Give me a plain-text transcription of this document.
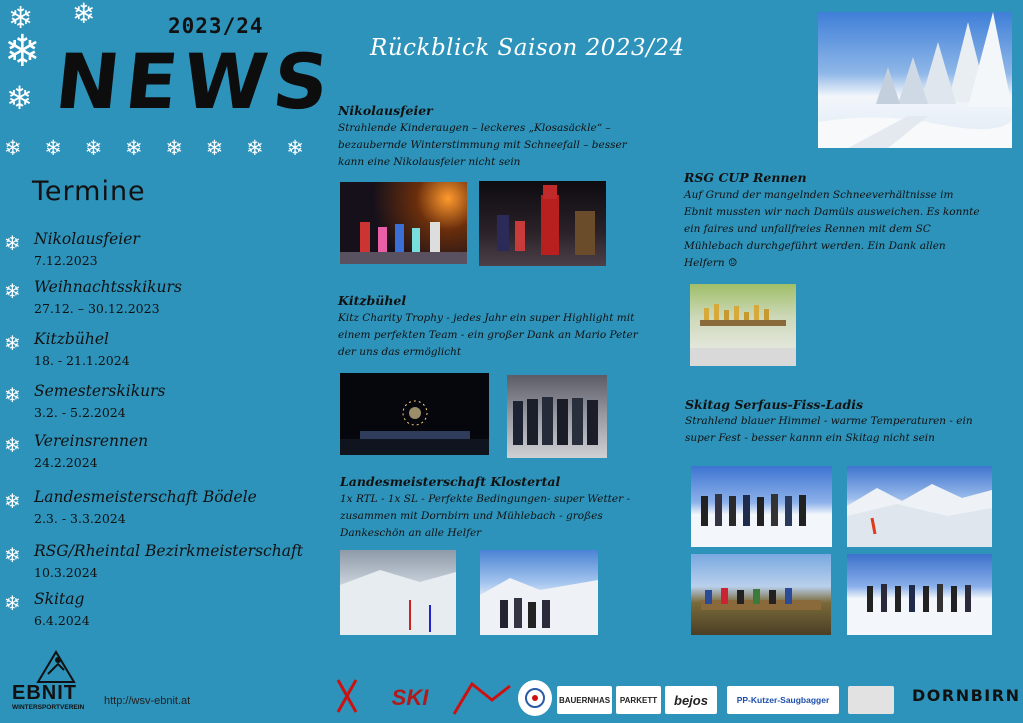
❄ ❄
❄
❄
2023/24
NEWS
❄ ❄ ❄ ❄ ❄ ❄ ❄ ❄
Termine
❄ Nikolausfeier
7.12.2023
❄ Weihnachtsskikurs
27.12. – 30.12.2023
❄ Kitzbühel
18. - 21.1.2024
❄ Semesterskikurs
3.2. - 5.2.2024
❄ Vereinsrennen
24.2.2024
❄ Landesmeisterschaft Bödele
2.3. - 3.3.2024
❄ RSG/Rheintal Bezirkmeisterschaft
10.3.2024
❄ Skitag
6.4.2024
Rückblick Saison 2023/24
Nikolausfeier
Strahlende Kinderaugen – leckeres „Klosasäckle“ – bezaubernde Winterstimmung mit Schneefall – besser kann eine Nikolausfeier nicht sein
Kitzbühel
Kitz Charity Trophy - jedes Jahr ein super Highlight mit einem perfekten Team - ein großer Dank an Mario Peter der uns das ermöglicht
Landesmeisterschaft Klostertal
1x RTL - 1x SL - Perfekte Bedingungen- super Wetter - zusammen mit Dornbirn und Mühlebach - großes Dankeschön an alle Helfer
RSG CUP Rennen
Auf Grund der mangelnden Schneeverhältnisse im Ebnit mussten wir nach Damüls ausweichen. Es konnte ein faires und unfallfreies Rennen mit dem SC Mühlebach durchgeführt werden. Ein Dank allen Helfern ☺
Skitag Serfaus-Fiss-Ladis
Strahlend blauer Himmel - warme Temperaturen - ein super Fest - besser kannn ein Skitag nicht sein
EBNIT
WINTERSPORTVEREIN
http://wsv-ebnit.at	SKI	BAUERNHAS	PARKETT	bejos	PP-Kutzer-Saugbagger	DORNBIRN
